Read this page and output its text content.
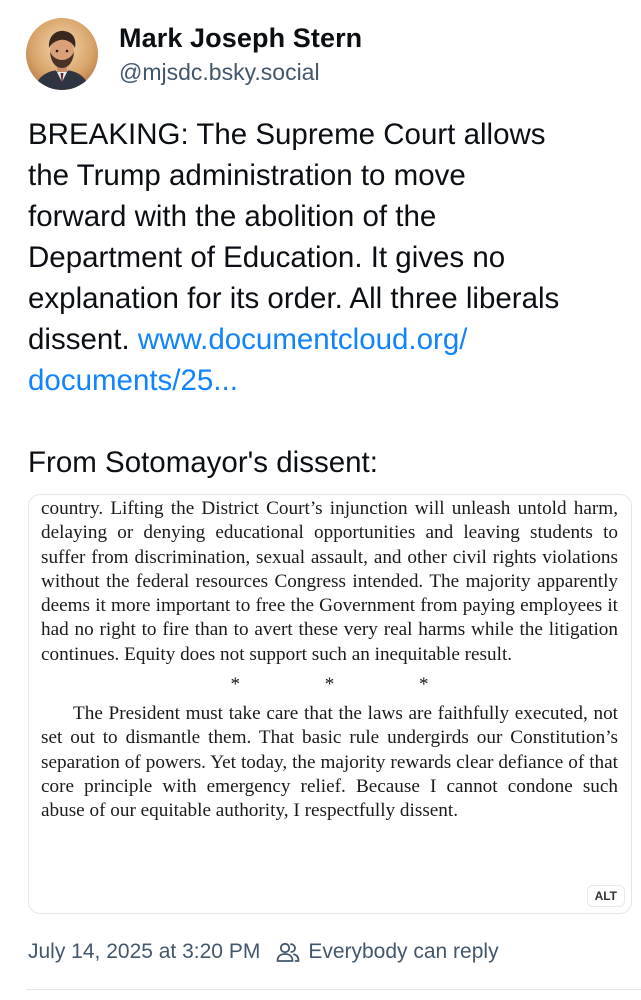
Mark Joseph Stern
@mjsdc.bsky.social

BREAKING: The Supreme Court allows
the Trump administration to move
forward with the abolition of the
Department of Education. It gives no
explanation for its order. All three liberals
dissent. www.documentcloud.org/
documents/25...
From Sotomayor's dissent:

country. Lifting the District Court’s injunction will unleash untold harm, delaying or denying educational opportunities and leaving students to suffer from discrimination, sexual assault, and other civil rights violations without the federal resources Congress intended. The majority apparently deems it more important to free the Government from paying employees it had no right to fire than to avert these very real harms while the litigation continues. Equity does not support such an inequitable result.

* * *

The President must take care that the laws are faithfully executed, not set out to dismantle them. That basic rule undergirds our Constitution’s separation of powers. Yet today, the majority rewards clear defiance of that core principle with emergency relief. Because I cannot condone such abuse of our equitable authority, I respectfully dissent.

ALT
July 14, 2025 at 3:20 PM Everybody can reply
